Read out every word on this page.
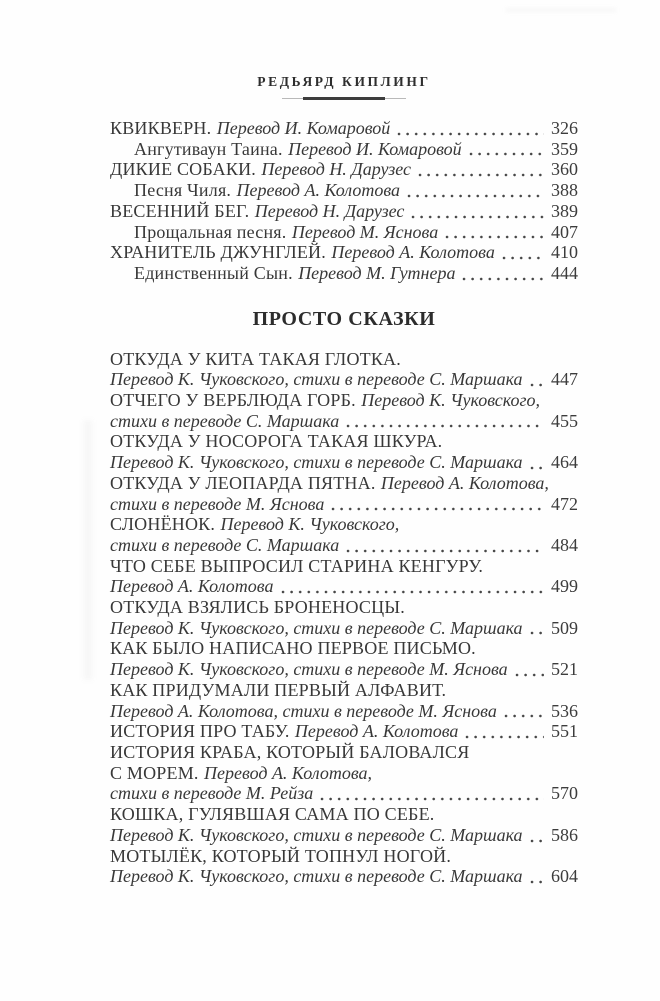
РЕДЬЯРД КИПЛИНГ
КВИКВЕРН. Перевод И. Комаровой	326
Ангутиваун Таина. Перевод И. Комаровой	359
ДИКИЕ СОБАКИ. Перевод Н. Дарузес	360
Песня Чиля. Перевод А. Колотова	388
ВЕСЕННИЙ БЕГ. Перевод Н. Дарузес	389
Прощальная песня. Перевод М. Яснова	407
ХРАНИТЕЛЬ ДЖУНГЛЕЙ. Перевод А. Колотова	410
Единственный Сын. Перевод М. Гутнера	444
ПРОСТО СКАЗКИ
ОТКУДА У КИТА ТАКАЯ ГЛОТКА.
Перевод К. Чуковского, стихи в переводе С. Маршака 447
ОТЧЕГО У ВЕРБЛЮДА ГОРБ. Перевод К. Чуковского,
стихи в переводе С. Маршака	455
ОТКУДА У НОСОРОГА ТАКАЯ ШКУРА.
Перевод К. Чуковского, стихи в переводе С. Маршака 464
ОТКУДА У ЛЕОПАРДА ПЯТНА. Перевод А. Колотова,
стихи в переводе М. Яснова	472
СЛОНЁНОК. Перевод К. Чуковского,
стихи в переводе С. Маршака	484
ЧТО СЕБЕ ВЫПРОСИЛ СТАРИНА КЕНГУРУ.
Перевод А. Колотова	499
ОТКУДА ВЗЯЛИСЬ БРОНЕНОСЦЫ.
Перевод К. Чуковского, стихи в переводе С. Маршака 509
КАК БЫЛО НАПИСАНО ПЕРВОЕ ПИСЬМО.
Перевод К. Чуковского, стихи в переводе М. Яснова 521
КАК ПРИДУМАЛИ ПЕРВЫЙ АЛФАВИТ.
Перевод А. Колотова, стихи в переводе М. Яснова	536
ИСТОРИЯ ПРО ТАБУ. Перевод А. Колотова	551
ИСТОРИЯ КРАБА, КОТОРЫЙ БАЛОВАЛСЯ
С МОРЕМ. Перевод А. Колотова,
стихи в переводе М. Рейза	570
КОШКА, ГУЛЯВШАЯ САМА ПО СЕБЕ.
Перевод К. Чуковского, стихи в переводе С. Маршака 586
МОТЫЛЁК, КОТОРЫЙ ТОПНУЛ НОГОЙ.
Перевод К. Чуковского, стихи в переводе С. Маршака 604
